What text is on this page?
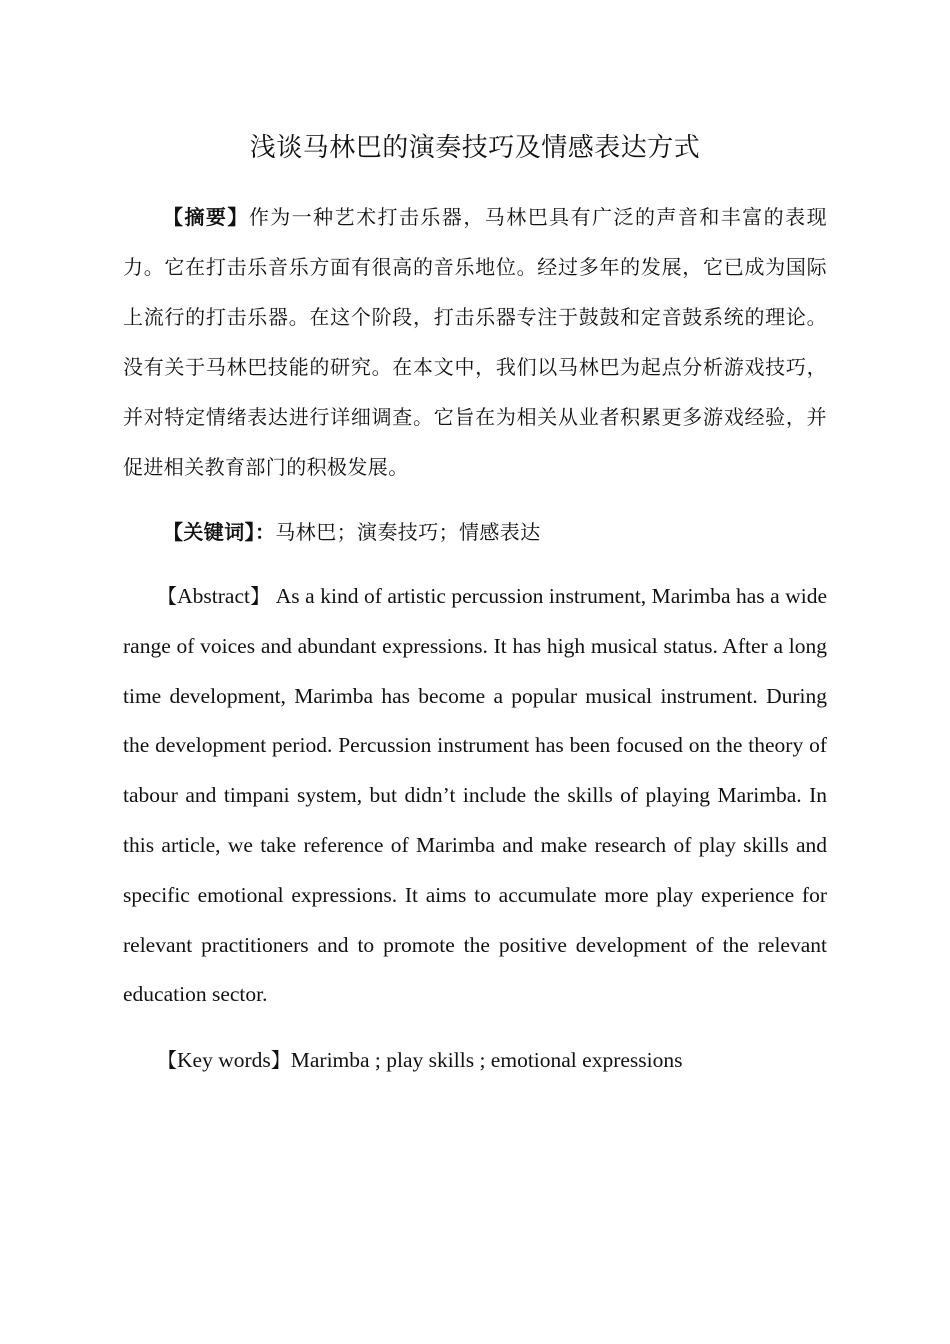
浅谈马林巴的演奏技巧及情感表达方式

【摘要】作为一种艺术打击乐器，马林巴具有广泛的声音和丰富的表现力。它在打击乐音乐方面有很高的音乐地位。经过多年的发展，它已成为国际上流行的打击乐器。在这个阶段，打击乐器专注于鼓鼓和定音鼓系统的理论。没有关于马林巴技能的研究。在本文中，我们以马林巴为起点分析游戏技巧，并对特定情绪表达进行详细调查。它旨在为相关从业者积累更多游戏经验，并促进相关教育部门的积极发展。

【关键词】：马林巴；演奏技巧；情感表达

【Abstract】 As a kind of artistic percussion instrument, Marimba has a wide range of voices and abundant expressions. It has high musical status. After a long time development, Marimba has become a popular musical instrument. During the development period. Percussion instrument has been focused on the theory of tabour and timpani system, but didn’t include the skills of playing Marimba. In this article, we take reference of Marimba and make research of play skills and specific emotional expressions. It aims to accumulate more play experience for relevant practitioners and to promote the positive development of the relevant education sector.

【Key words】Marimba ; play skills ; emotional expressions
